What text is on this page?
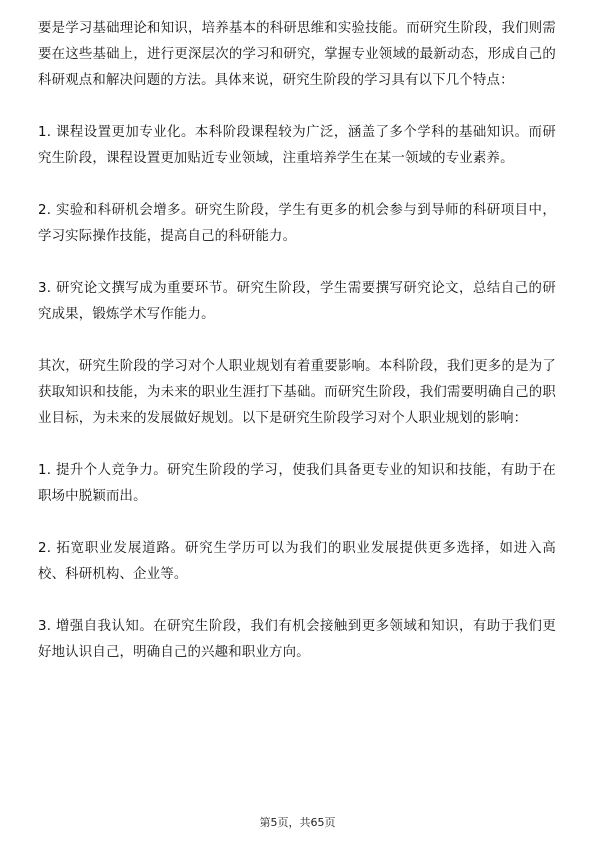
要是学习基础理论和知识，培养基本的科研思维和实验技能。而研究生阶段，我们则需要在这些基础上，进行更深层次的学习和研究，掌握专业领域的最新动态，形成自己的科研观点和解决问题的方法。具体来说，研究生阶段的学习具有以下几个特点：

1. 课程设置更加专业化。本科阶段课程较为广泛，涵盖了多个学科的基础知识。而研究生阶段，课程设置更加贴近专业领域，注重培养学生在某一领域的专业素养。

2. 实验和科研机会增多。研究生阶段，学生有更多的机会参与到导师的科研项目中，学习实际操作技能，提高自己的科研能力。

3. 研究论文撰写成为重要环节。研究生阶段，学生需要撰写研究论文，总结自己的研究成果，锻炼学术写作能力。

其次，研究生阶段的学习对个人职业规划有着重要影响。本科阶段，我们更多的是为了获取知识和技能，为未来的职业生涯打下基础。而研究生阶段，我们需要明确自己的职业目标，为未来的发展做好规划。以下是研究生阶段学习对个人职业规划的影响：

1. 提升个人竞争力。研究生阶段的学习，使我们具备更专业的知识和技能，有助于在职场中脱颖而出。

2. 拓宽职业发展道路。研究生学历可以为我们的职业发展提供更多选择，如进入高校、科研机构、企业等。

3. 增强自我认知。在研究生阶段，我们有机会接触到更多领域和知识，有助于我们更好地认识自己，明确自己的兴趣和职业方向。

第5页，共65页
